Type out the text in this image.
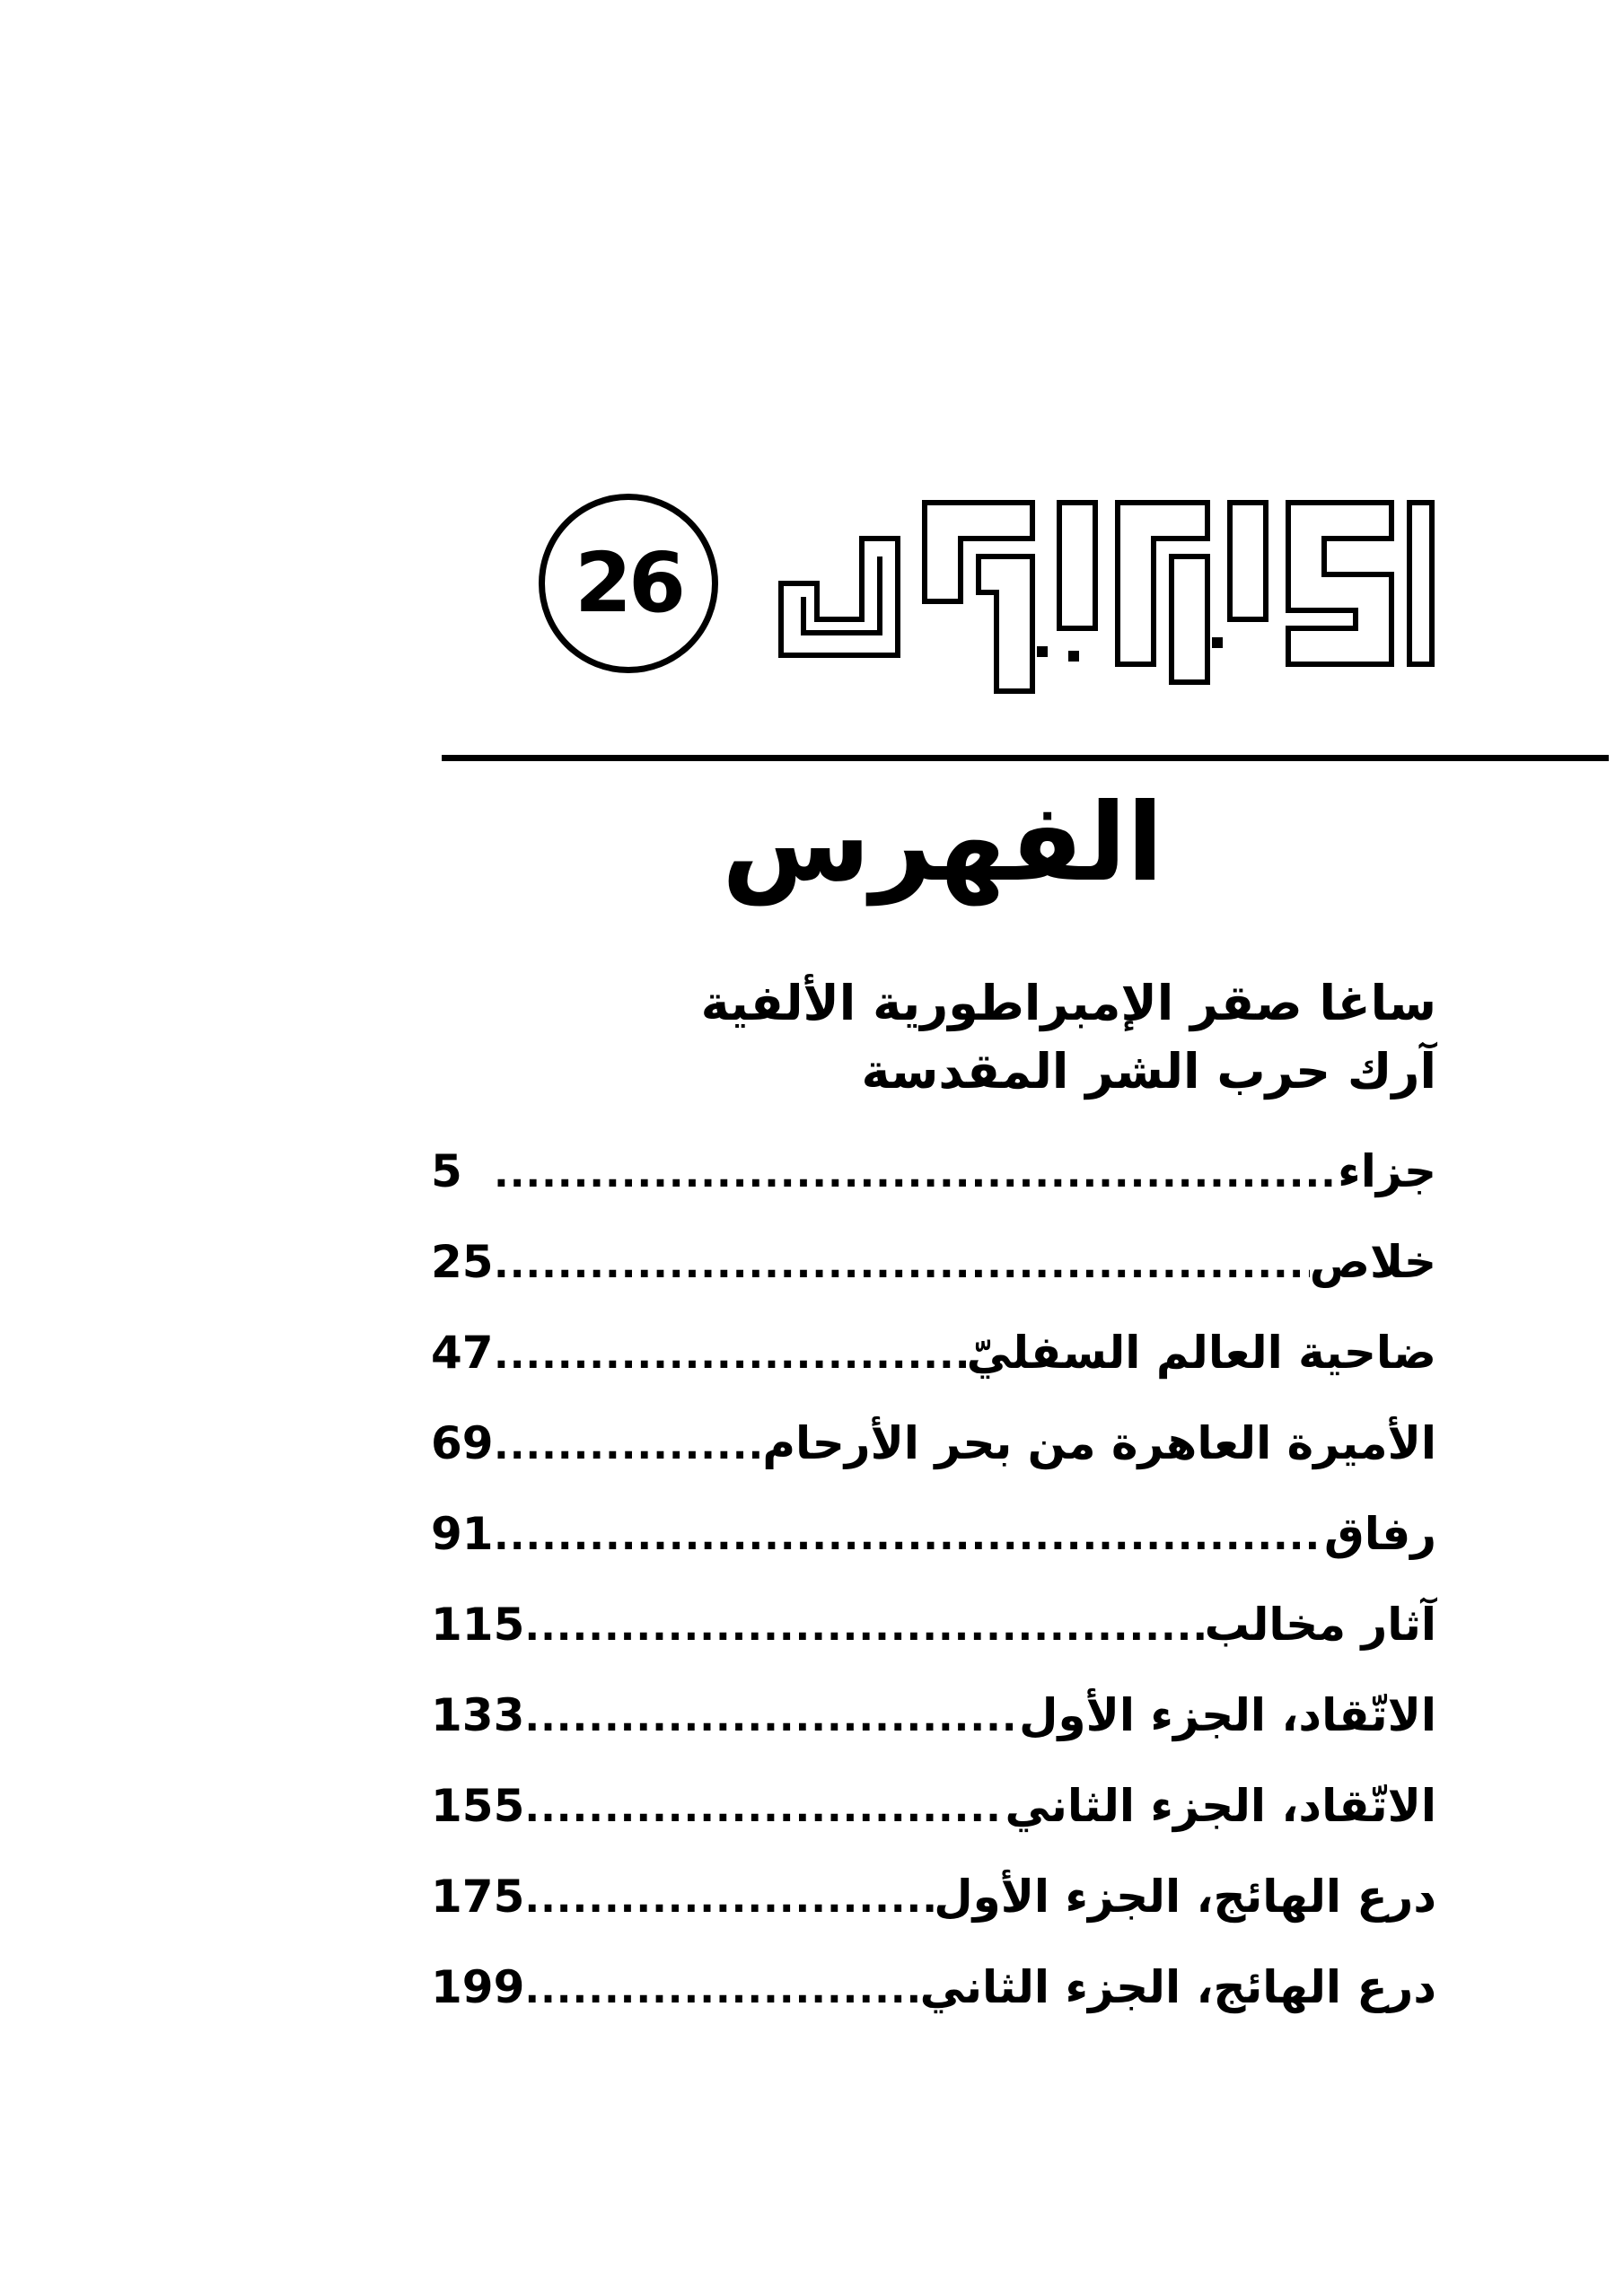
26
الفهرس
ساغا صقر الإمبراطورية الألفية
آرك حرب الشر المقدسة
جزاء
.....
5
خلاص
.....
25
ضاحية العالم السفليّ
.....
47
الأميرة العاهرة من بحر الأرحام
.....
69
رفاق
.....
91
آثار مخالب
.....
115
الاتّقاد، الجزء الأول
.....
133
الاتّقاد، الجزء الثاني
.....
155
درع الهائج، الجزء الأول
.....
175
درع الهائج، الجزء الثاني
.....
199
